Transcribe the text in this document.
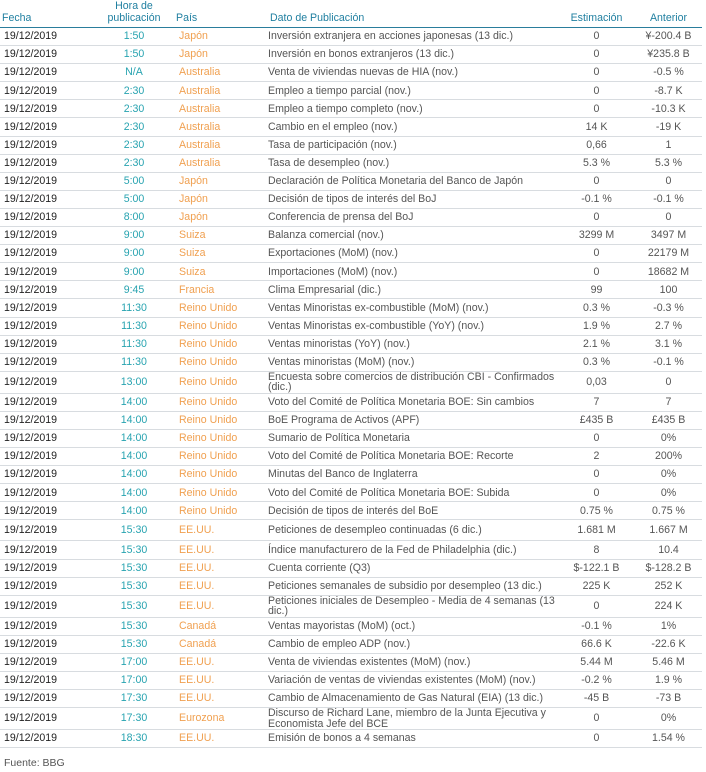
Fecha	Hora de
publicación	País	Dato de Publicación	Estimación	Anterior
19/12/2019	1:50	Japón	Inversión extranjera en acciones japonesas (13 dic.)	0	¥-200.4 B
19/12/2019	1:50	Japón	Inversión en bonos extranjeros (13 dic.)	0	¥235.8 B
19/12/2019	N/A	Australia	Venta de viviendas nuevas de HIA (nov.)	0	-0.5 %
19/12/2019	2:30	Australia	Empleo a tiempo parcial (nov.)	0	-8.7 K
19/12/2019	2:30	Australia	Empleo a tiempo completo (nov.)	0	-10.3 K
19/12/2019	2:30	Australia	Cambio en el empleo (nov.)	14 K	-19 K
19/12/2019	2:30	Australia	Tasa de participación (nov.)	0,66	1
19/12/2019	2:30	Australia	Tasa de desempleo (nov.)	5.3 %	5.3 %
19/12/2019	5:00	Japón	Declaración de Política Monetaria del Banco de Japón	0	0
19/12/2019	5:00	Japón	Decisión de tipos de interés del BoJ	-0.1 %	-0.1 %
19/12/2019	8:00	Japón	Conferencia de prensa del BoJ	0	0
19/12/2019	9:00	Suiza	Balanza comercial (nov.)	3299 M	3497 M
19/12/2019	9:00	Suiza	Exportaciones (MoM) (nov.)	0	22179 M
19/12/2019	9:00	Suiza	Importaciones (MoM) (nov.)	0	18682 M
19/12/2019	9:45	Francia	Clima Empresarial (dic.)	99	100
19/12/2019	11:30	Reino Unido	Ventas Minoristas ex-combustible (MoM) (nov.)	0.3 %	-0.3 %
19/12/2019	11:30	Reino Unido	Ventas Minoristas ex-combustible (YoY) (nov.)	1.9 %	2.7 %
19/12/2019	11:30	Reino Unido	Ventas minoristas (YoY) (nov.)	2.1 %	3.1 %
19/12/2019	11:30	Reino Unido	Ventas minoristas (MoM) (nov.)	0.3 %	-0.1 %
19/12/2019	13:00	Reino Unido	Encuesta sobre comercios de distribución CBI - Confirmados (dic.)	0,03	0
19/12/2019	14:00	Reino Unido	Voto del Comité de Política Monetaria BOE: Sin cambios	7	7
19/12/2019	14:00	Reino Unido	BoE Programa de Activos (APF)	£435 B	£435 B
19/12/2019	14:00	Reino Unido	Sumario de Política Monetaria	0	0%
19/12/2019	14:00	Reino Unido	Voto del Comité de Política Monetaria BOE: Recorte	2	200%
19/12/2019	14:00	Reino Unido	Minutas del Banco de Inglaterra	0	0%
19/12/2019	14:00	Reino Unido	Voto del Comité de Política Monetaria BOE: Subida	0	0%
19/12/2019	14:00	Reino Unido	Decisión de tipos de interés del BoE	0.75 %	0.75 %
19/12/2019	15:30	EE.UU.	Peticiones de desempleo continuadas (6 dic.)	1.681 M	1.667 M
19/12/2019	15:30	EE.UU.	Índice manufacturero de la Fed de Philadelphia (dic.)	8	10.4
19/12/2019	15:30	EE.UU.	Cuenta corriente (Q3)	$-122.1 B	$-128.2 B
19/12/2019	15:30	EE.UU.	Peticiones semanales de subsidio por desempleo (13 dic.)	225 K	252 K
19/12/2019	15:30	EE.UU.	Peticiones iniciales de Desempleo - Media de 4 semanas (13 dic.)	0	224 K
19/12/2019	15:30	Canadá	Ventas mayoristas (MoM) (oct.)	-0.1 %	1%
19/12/2019	15:30	Canadá	Cambio de empleo ADP (nov.)	66.6 K	-22.6 K
19/12/2019	17:00	EE.UU.	Venta de viviendas existentes (MoM) (nov.)	5.44 M	5.46 M
19/12/2019	17:00	EE.UU.	Variación de ventas de viviendas existentes (MoM) (nov.)	-0.2 %	1.9 %
19/12/2019	17:30	EE.UU.	Cambio de Almacenamiento de Gas Natural (EIA) (13 dic.)	-45 B	-73 B
19/12/2019	17:30	Eurozona	Discurso de Richard Lane, miembro de la Junta Ejecutiva y Economista Jefe del BCE	0	0%
19/12/2019	18:30	EE.UU.	Emisión de bonos a 4 semanas	0	1.54 %
Fuente: BBG
